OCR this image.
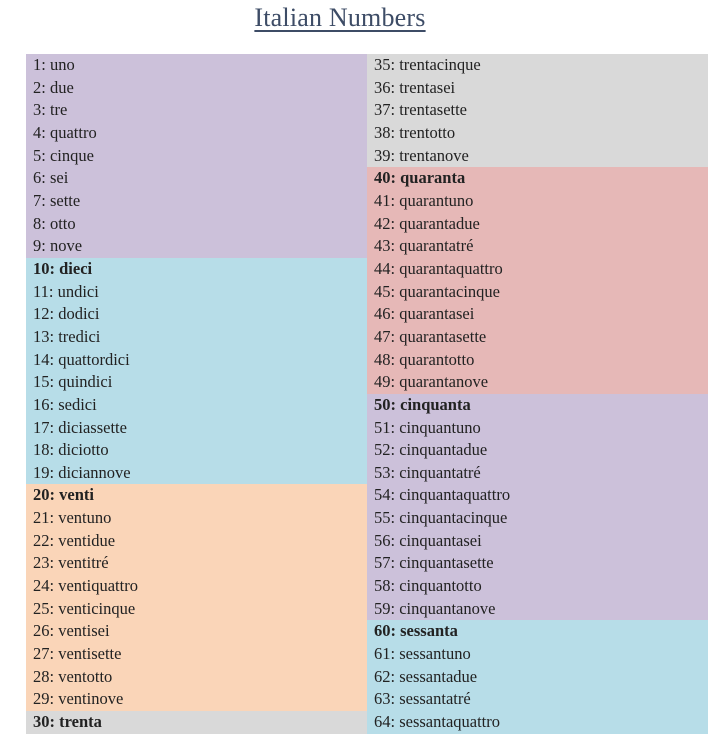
Italian Numbers
1: uno
2: due
3: tre
4: quattro
5: cinque
6: sei
7: sette
8: otto
9: nove
10: dieci
11: undici
12: dodici
13: tredici
14: quattordici
15: quindici
16: sedici
17: diciassette
18: diciotto
19: diciannove
20: venti
21: ventuno
22: ventidue
23: ventitré
24: ventiquattro
25: venticinque
26: ventisei
27: ventisette
28: ventotto
29: ventinove
30: trenta
35: trentacinque
36: trentasei
37: trentasette
38: trentotto
39: trentanove
40: quaranta
41: quarantuno
42: quarantadue
43: quarantatré
44: quarantaquattro
45: quarantacinque
46: quarantasei
47: quarantasette
48: quarantotto
49: quarantanove
50: cinquanta
51: cinquantuno
52: cinquantadue
53: cinquantatré
54: cinquantaquattro
55: cinquantacinque
56: cinquantasei
57: cinquantasette
58: cinquantotto
59: cinquantanove
60: sessanta
61: sessantuno
62: sessantadue
63: sessantatré
64: sessantaquattro
